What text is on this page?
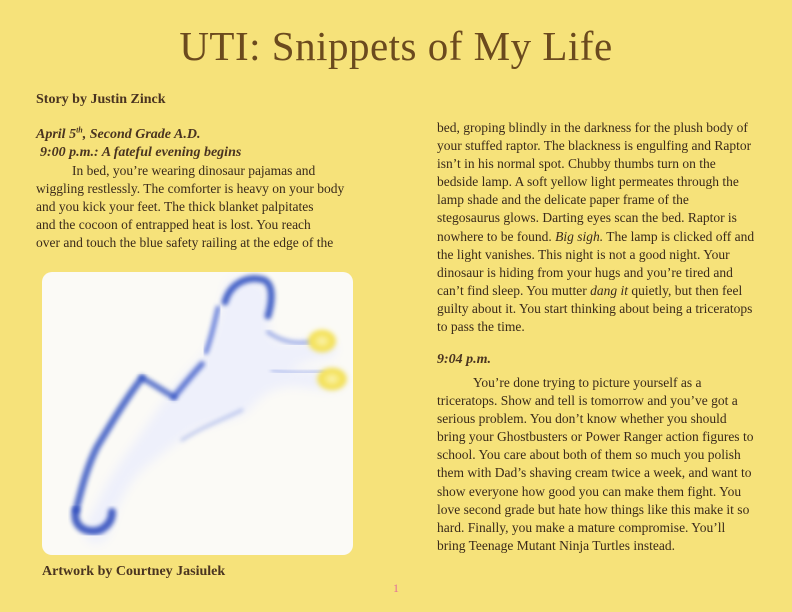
UTI: Snippets of My Life
Story by Justin Zinck
April 5th, Second Grade A.D.
9:00 p.m.: A fateful evening begins
In bed, you’re wearing dinosaur pajamas and
wiggling restlessly. The comforter is heavy on your body
and you kick your feet. The thick blanket palpitates
and the cocoon of entrapped heat is lost. You reach
over and touch the blue safety railing at the edge of the
Artwork by Courtney Jasiulek
bed, groping blindly in the darkness for the plush body of your stuffed raptor. The blackness is engulfing and Raptor isn’t in his normal spot. Chubby thumbs turn on the bedside lamp. A soft yellow light permeates through the lamp shade and the delicate paper frame of the stegosaurus glows. Darting eyes scan the bed. Raptor is nowhere to be found. Big sigh. The lamp is clicked off and the light vanishes. This night is not a good night. Your dinosaur is hiding from your hugs and you’re tired and can’t find sleep. You mutter dang it quietly, but then feel guilty about it. You start thinking about being a triceratops to pass the time.
9:04 p.m.
You’re done trying to picture yourself as a triceratops. Show and tell is tomorrow and you’ve got a serious problem. You don’t know whether you should bring your Ghostbusters or Power Ranger action figures to school. You care about both of them so much you polish them with Dad’s shaving cream twice a week, and want to show everyone how good you can make them fight. You love second grade but hate how things like this make it so hard. Finally, you make a mature compromise. You’ll bring Teenage Mutant Ninja Turtles instead.
1
